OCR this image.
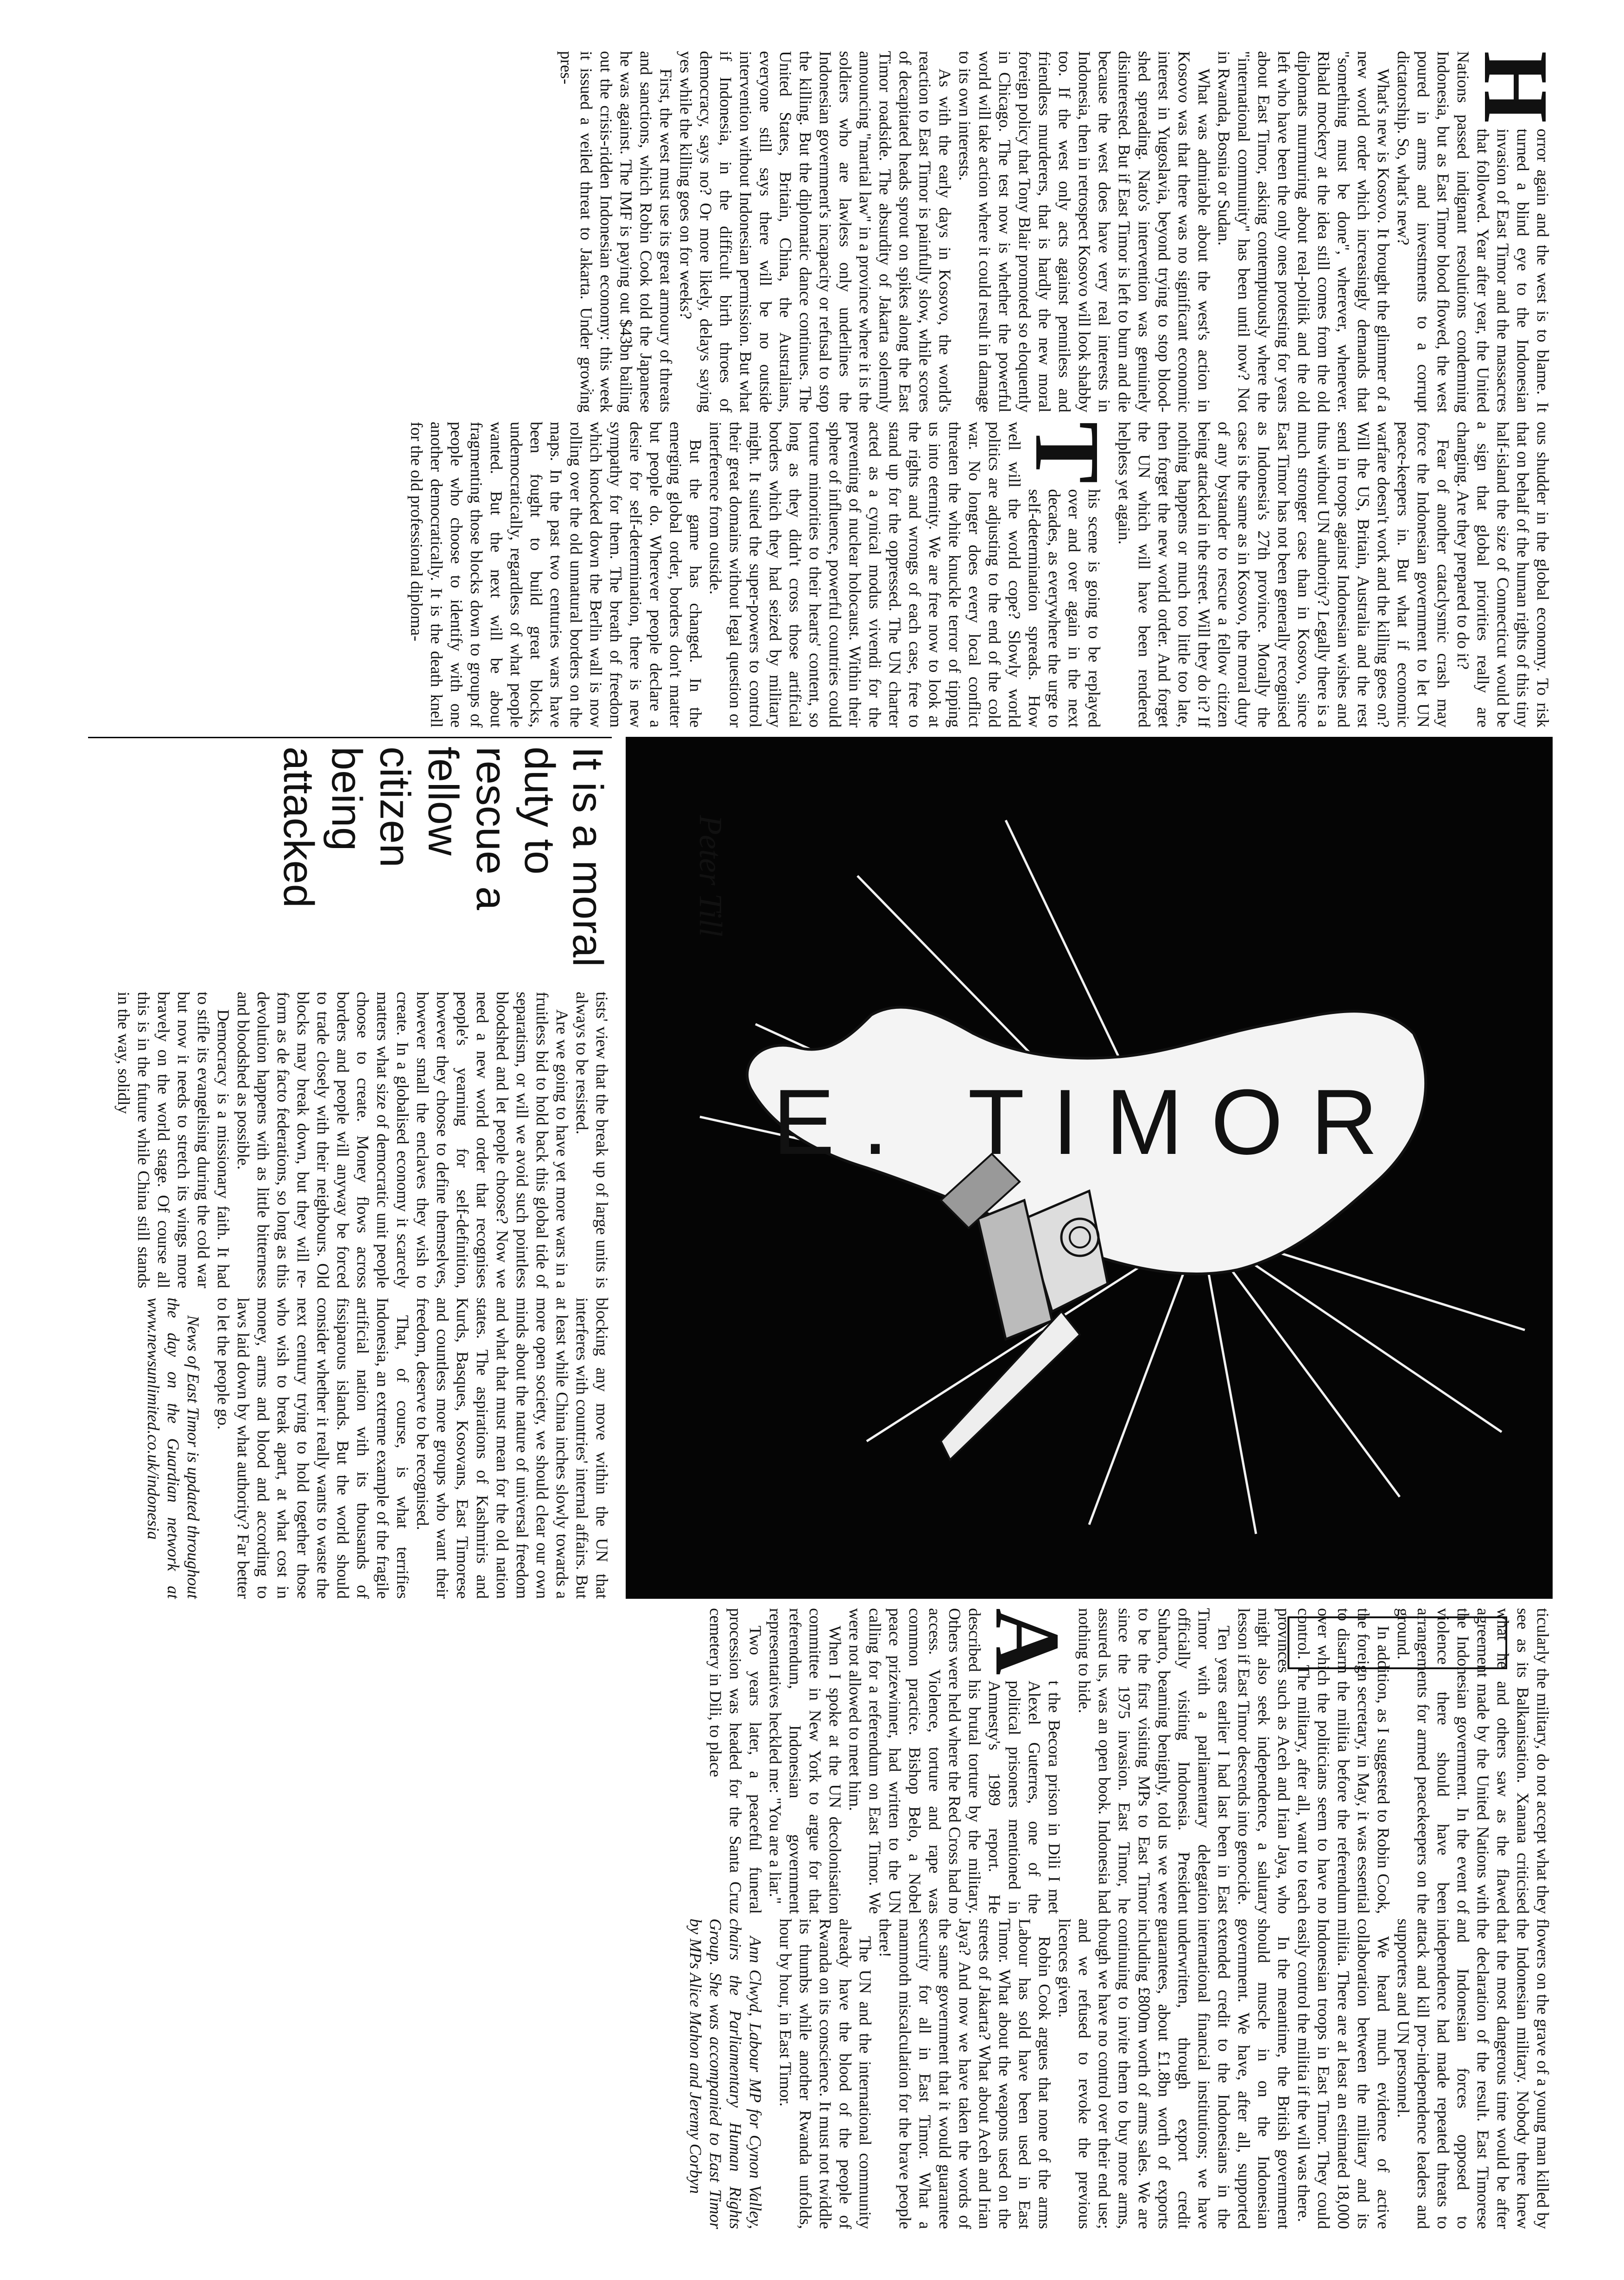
H
orror again and the west is to blame. It turned a blind eye to the Indonesian invasion of East Timor and the massacres that followed. Year after year, the United Nations passed indignant resolutions condemning Indonesia, but as East Timor blood flowed, the west poured in arms and investments to a corrupt dictatorship. So, what's new?

What's new is Kosovo. It brought the glimmer of a new world order which increasingly demands that "something must be done", wherever, whenever. Ribald mockery at the idea still comes from the old diplomats murmuring about real-politik and the old left who have been the only ones protesting for years about East Timor, asking contemptuously where the "international community" has been until now? Not in Rwanda, Bosnia or Sudan.

What was admirable about the west's action in Kosovo was that there was no significant economic interest in Yugoslavia, beyond trying to stop blood-shed spreading. Nato's intervention was genuinely disinterested. But if East Timor is left to burn and die because the west does have very real interests in Indonesia, then in retrospect Kosovo will look shabby too. If the west only acts against penniless and friendless murderers, that is hardly the new moral foreign policy that Tony Blair promoted so eloquently in Chicago. The test now is whether the powerful world will take action where it could result in damage to its own interests.

As with the early days in Kosovo, the world's reaction to East Timor is painfully slow, while scores of decapitated heads sprout on spikes along the East Timor roadside. The absurdity of Jakarta solemnly announcing "martial law" in a province where it is the soldiers who are lawless only underlines the Indonesian government's incapacity or refusal to stop the killing. But the diplomatic dance continues. The United States, Britain, China, the Australians, everyone still says there will be no outside intervention without Indonesian permission. But what if Indonesia, in the difficult birth throes of democracy, says no? Or more likely, delays saying yes while the killing goes on for weeks?

First, the west must use its great armoury of threats and sanctions, which Robin Cook told the Japanese he was against. The IMF is paying out $43bn bailing out the crisis-ridden Indonesian economy: this week it issued a veiled threat to Jakarta. Under growing pres-

ous shudder in the global economy. To risk that on behalf of the human rights of this tiny half-island the size of Connecticut would be a sign that global priorities really are changing. Are they prepared to do it?

Fear of another cataclysmic crash may force the Indonesian government to let UN peace-keepers in. But what if economic warfare doesn't work and the killing goes on? Will the US, Britain, Australia and the rest send in troops against Indonesian wishes and thus without UN authority? Legally there is a much stronger case than in Kosovo, since East Timor has not been generally recognised as Indonesia's 27th province. Morally the case is the same as in Kosovo, the moral duty of any bystander to rescue a fellow citizen being attacked in the street. Will they do it? If nothing happens or much too little too late, then forget the new world order. And forget the UN which will have been rendered helpless yet again.

T
his scene is going to be replayed over and over again in the next decades, as everywhere the urge to self-determination spreads. How well will the world cope? Slowly world politics are adjusting to the end of the cold war. No longer does every local conflict threaten the white knuckle terror of tipping us into eternity. We are free now to look at the rights and wrongs of each case, free to stand up for the oppressed. The UN charter acted as a cynical modus vivendi for the preventing of nuclear holocaust. Within their sphere of influence, powerful countries could torture minorities to their hearts' content, so long as they didn't cross those artificial borders which they had seized by military might. It suited the super-powers to control their great domains without legal question or interference from outside.

But the game has changed. In the emerging global order, borders don't matter but people do. Wherever people declare a desire for self-determination, there is new sympathy for them. The breath of freedom which knocked down the Berlin wall is now rolling over the old unnatural borders on the maps. In the past two centuries wars have been fought to build great blocks, undemocratically, regardless of what people wanted. But the next will be about fragmenting those blocks down to groups of people who choose to identify with one another democratically. It is the death knell for the old professional diploma-

E. TIMOR
Peter Till
It is a moral duty to rescue a fellow citizen being attacked

tists' view that the break up of large units is always to be resisted.

Are we going to have yet more wars in a fruitless bid to hold back this global tide of separatism, or will we avoid such pointless bloodshed and let people choose? Now we need a new world order that recognises people's yearning for self-definition, however they choose to define themselves, however small the enclaves they wish to create. In a globalised economy it scarcely matters what size of democratic unit people choose to create. Money flows across borders and people will anyway be forced to trade closely with their neighbours. Old blocks may break down, but they will re-form as de facto federations, so long as this devolution happens with as little bitterness and bloodshed as possible.

Democracy is a missionary faith. It had to stifle its evangelising during the cold war but now it needs to stretch its wings more bravely on the world stage. Of course all this is in the future while China still stands in the way, solidly

blocking any move within the UN that interferes with countries' internal affairs. But at least while China inches slowly towards a more open society, we should clear our own minds about the nature of universal freedom and what that must mean for the old nation states. The aspirations of Kashmiris and Kurds, Basques, Kosovans, East Timorese and countless more groups who want their freedom, deserve to be recognised.

That, of course, is what terrifies Indonesia, an extreme example of the fragile artificial nation with its thousands of fissiparous islands. But the world should consider whether it really wants to waste the next century trying to hold together those who wish to break apart, at what cost in money, arms and blood and according to laws laid down by what authority? Far better to let the people go.

News of East Timor is updated throughout the day on the Guardian network at www.newsunlimited.co.uk/indonesia

ticularly the military, do not accept what they see as its Balkanisation. Xanana criticised what he and others saw as the flawed agreement made by the United Nations with the Indonesian government. In the event of violence there should have been arrangements for armed peacekeepers on the ground.

In addition, as I suggested to Robin Cook, the foreign secretary, in May, it was essential to disarm the militia before the referendum over which the politicians seem to have no control. The military, after all, want to teach provinces such as Aceh and Irian Jaya, who might also seek independence, a salutary lesson if East Timor descends into genocide.

Ten years earlier I had last been in East Timor with a parliamentary delegation officially visiting Indonesia. President Suharto, beaming benignly, told us we were to be the first visiting MPs to East Timor since the 1975 invasion. East Timor, he assured us, was an open book. Indonesia had nothing to hide.

A
t the Becora prison in Dili I met Alexel Guterres, one of the political prisoners mentioned in Amnesty's 1989 report. He described his brutal torture by the military. Others were held where the Red Cross had no access. Violence, torture and rape was common practice. Bishop Belo, a Nobel peace prizewinner, had written to the UN calling for a referendum on East Timor. We were not allowed to meet him.

When I spoke at the UN decolonisation committee in New York to argue for that referendum, Indonesian government representatives heckled me: "You are a liar."

Two years later, a peaceful funeral procession was headed for the Santa Cruz cemetery in Dili, to place

flowers on the grave of a young man killed by the Indonesian military. Nobody there knew that the most dangerous time would be after the declaration of the result. East Timorese and Indonesian forces opposed to independence had made repeated threats to attack and kill pro-independence leaders and supporters and UN personnel.

We heard much evidence of active collaboration between the military and its militia. There are at least an estimated 18,000 Indonesian troops in East Timor. They could easily control the militia if the will was there.

In the meantime, the British government should muscle in on the Indonesian government. We have, after all, supported extended credit to the Indonesians in the international financial institutions; we have underwritten, through export credit guarantees, about £1.8bn worth of exports including £800m worth of arms sales. We are continuing to invite them to buy more arms, though we have no control over their end use; and we refused to revoke the previous licences given.

Robin Cook argues that none of the arms Labour has sold have been used in East Timor. What about the weapons used on the streets of Jakarta? What about Aceh and Irian Jaya? And now we have taken the words of the same government that it would guarantee security for all in East Timor. What a mammoth miscalculation for the brave people there!

The UN and the international community already have the blood of the people of Rwanda on its conscience. It must not twiddle its thumbs while another Rwanda unfolds, hour by hour, in East Timor.

Ann Clwyd, Labour MP for Cynon Valley, chairs the Parliamentary Human Rights Group. She was accompanied to East Timor by MPs Alice Mahon and Jeremy Corbyn
